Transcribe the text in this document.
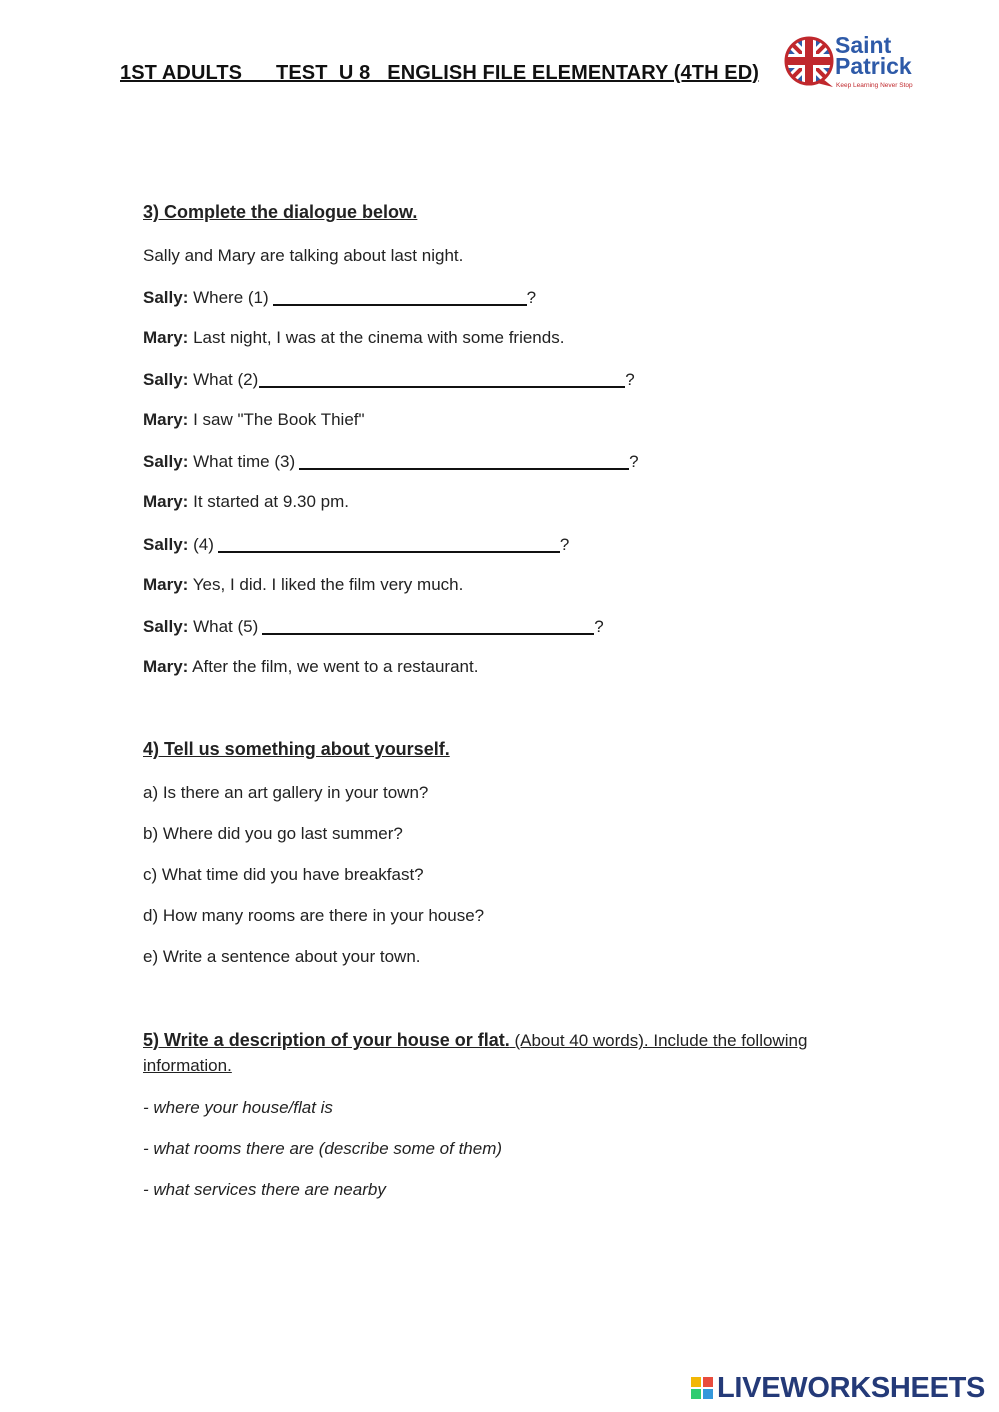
1ST ADULTS      TEST  U 8   ENGLISH FILE ELEMENTARY (4TH ED)
Saint
Patrick
Keep Learning Never Stop
3) Complete the dialogue below.
Sally and Mary are talking about last night.
Sally: Where (1)	?
Mary: Last night, I was at the cinema with some friends.
Sally: What (2)	?
Mary: I saw "The Book Thief"
Sally: What time (3)	?
Mary: It started at 9.30 pm.
Sally: (4)	?
Mary: Yes, I did. I liked the film very much.
Sally: What (5)	?
Mary: After the film, we went to a restaurant.
4) Tell us something about yourself.
a) Is there an art gallery in your town?
b) Where did you go last summer?
c) What time did you have breakfast?
d) How many rooms are there in your house?
e) Write a sentence about your town.
5) Write a description of your house or flat. (About 40 words). Include the following information.
- where your house/flat is
- what rooms there are (describe some of them)
- what services there are nearby
LIVEWORKSHEETS
